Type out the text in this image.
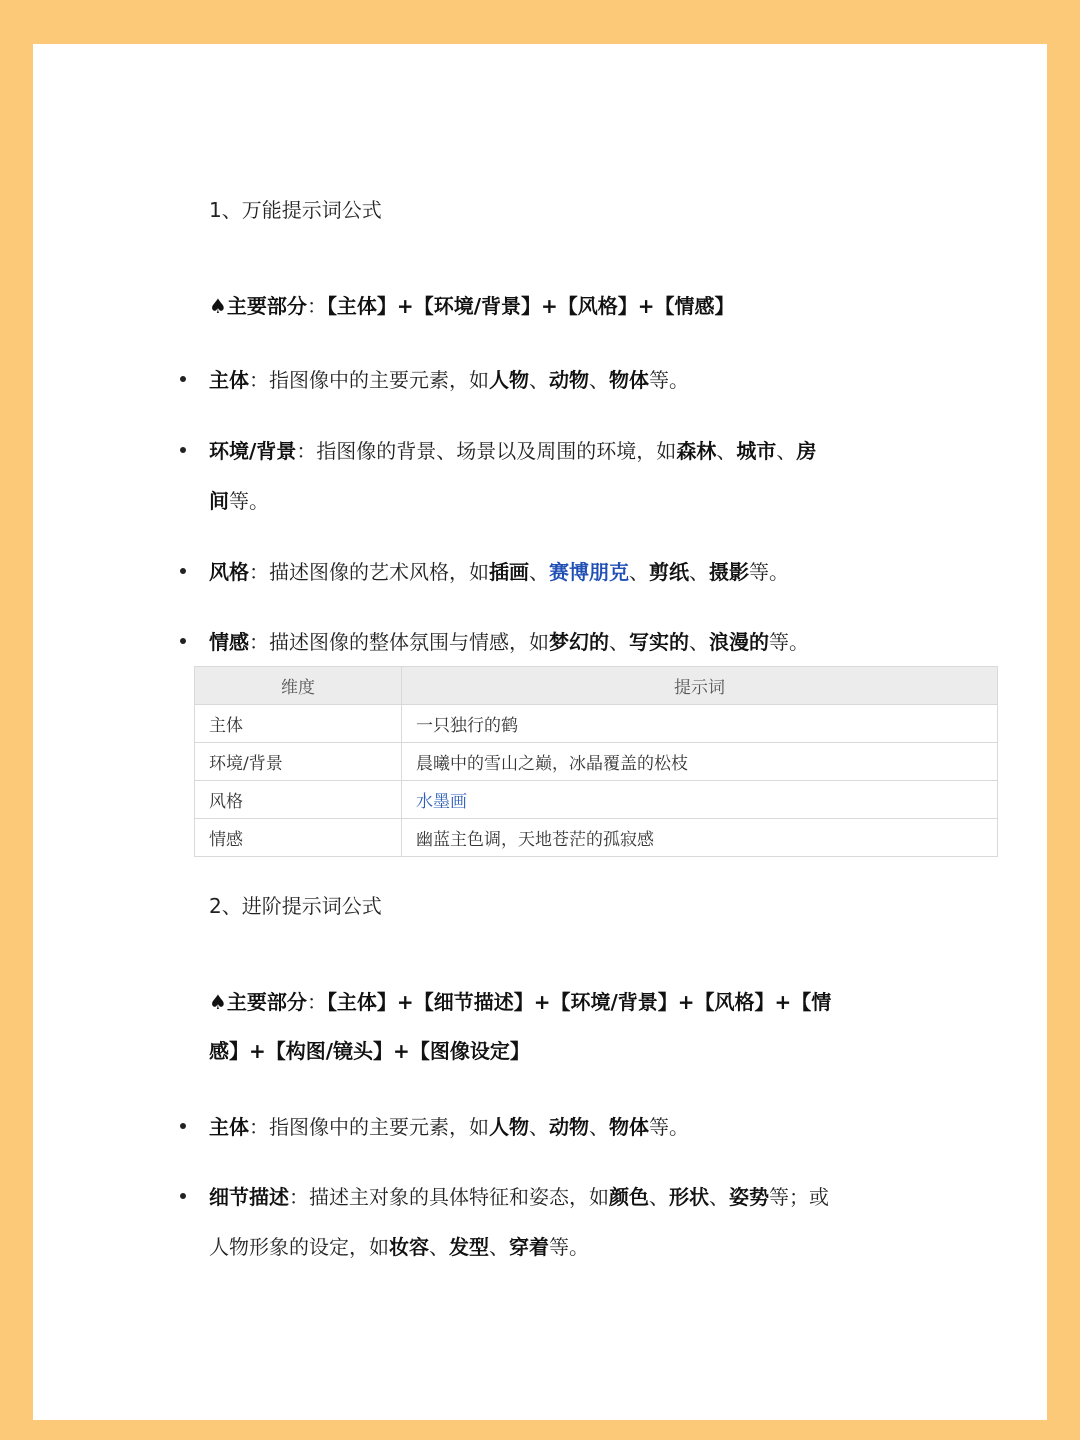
1、万能提示词公式
♠主要部分：【主体】+【环境/背景】+【风格】+【情感】
主体：指图像中的主要元素，如人物、动物、物体等。
环境/背景：指图像的背景、场景以及周围的环境，如森林、城市、房
间等。
风格：描述图像的艺术风格，如插画、赛博朋克、剪纸、摄影等。
情感：描述图像的整体氛围与情感，如梦幻的、写实的、浪漫的等。
维度	提示词
主体	一只独行的鹤
环境/背景	晨曦中的雪山之巅，冰晶覆盖的松枝
风格	水墨画
情感	幽蓝主色调，天地苍茫的孤寂感
2、进阶提示词公式
♠主要部分：【主体】+【细节描述】+【环境/背景】+【风格】+【情
感】+【构图/镜头】+【图像设定】
主体：指图像中的主要元素，如人物、动物、物体等。
细节描述：描述主对象的具体特征和姿态，如颜色、形状、姿势等；或
人物形象的设定，如妆容、发型、穿着等。
